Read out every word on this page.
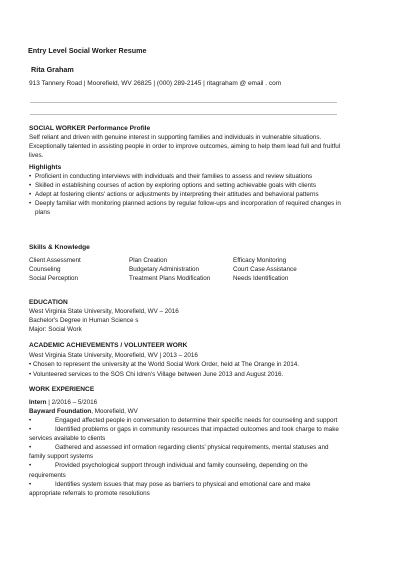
Entry Level Social Worker Resume
Rita Graham
913 Tannery Road | Moorefield, WV 26825 | (000) 289-2145 | ritagraham @ email . com
SOCIAL WORKER Performance Profile
Self reliant and driven with genuine interest in supporting families and individuals in vulnerable situations. Exceptionally talented in assisting people in order to improve outcomes, aiming to help them lead full and fruitful lives.
Highlights
• Proficient in conducting interviews with individuals and their families to assess and review situations
• Skilled in establishing courses of action by exploring options and setting achievable goals with clients
• Adept at fostering clients' actions or adjustments by interpreting their attitudes and behavioral patterns
• Deeply familiar with monitoring planned actions by regular follow-ups and incorporation of required changes in plans
Skills & Knowledge
Client Assessment	Plan Creation	Efficacy Monitoring
Counseling	Budgetary Administration	Court Case Assistance
Social Perception	Treatment Plans Modification	Needs Identification
EDUCATION
West Virginia State University, Moorefield, WV – 2016
Bachelor's Degree in Human Science s
Major: Social Work
ACADEMIC ACHIEVEMENTS / VOLUNTEER WORK
West Virginia State University, Moorefield, WV | 2013 – 2016
• Chosen to represent the university at the World Social Work Order, held at The Orange in 2014.
• Volunteered services to the SOS Chi ldren's Village between June 2013 and August 2016.
WORK EXPERIENCE
Intern | 2/2016 – 5/2016
Bayward Foundation, Moorefield, WV
•	Engaged affected people in conversation to determine their specific needs for counseling and support
•	Identified problems or gaps in community resources that impacted outcomes and took charge to make services available to clients
•	Gathered and assessed inf ormation regarding clients' physical requirements, mental statuses and family support systems
•	Provided psychological support through individual and family counseling, depending on the requirements
•	Identifies system issues that may pose as barriers to physical and emotional care and make appropriate referrals to promote resolutions
